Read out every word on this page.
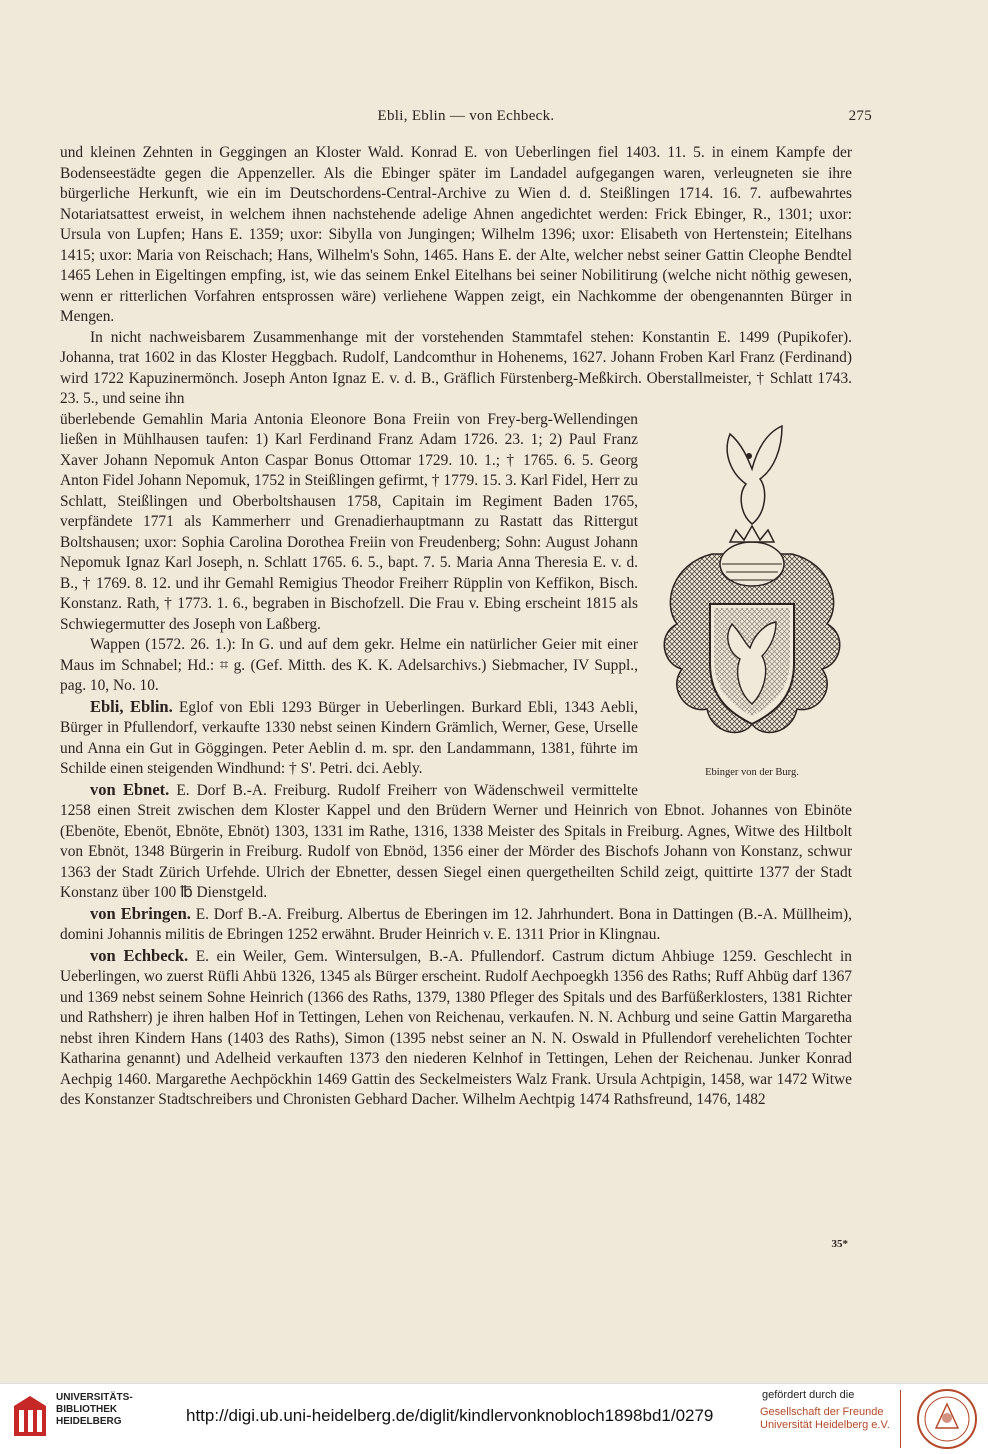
Ebli, Eblin — von Echbeck.	275

und kleinen Zehnten in Geggingen an Kloster Wald. Konrad E. von Ueberlingen fiel 1403. 11. 5. in einem Kampfe der Bodenseestädte gegen die Appenzeller. Als die Ebinger später im Landadel aufgegangen waren, verleugneten sie ihre bürgerliche Herkunft, wie ein im Deutschordens-Central-Archive zu Wien d. d. Steißlingen 1714. 16. 7. aufbewahrtes Notariatsattest erweist, in welchem ihnen nachstehende adelige Ahnen angedichtet werden: Frick Ebinger, R., 1301; uxor: Ursula von Lupfen; Hans E. 1359; uxor: Sibylla von Jungingen; Wilhelm 1396; uxor: Elisabeth von Hertenstein; Eitelhans 1415; uxor: Maria von Reischach; Hans, Wilhelm's Sohn, 1465. Hans E. der Alte, welcher nebst seiner Gattin Cleophe Bendtel 1465 Lehen in Eigeltingen empfing, ist, wie das seinem Enkel Eitelhans bei seiner Nobilitirung (welche nicht nöthig gewesen, wenn er ritterlichen Vorfahren entsprossen wäre) verliehene Wappen zeigt, ein Nachkomme der obengenannten Bürger in Mengen.

In nicht nachweisbarem Zusammenhange mit der vorstehenden Stammtafel stehen: Konstantin E. 1499 (Pupikofer). Johanna, trat 1602 in das Kloster Heggbach. Rudolf, Landcomthur in Hohenems, 1627. Johann Froben Karl Franz (Ferdinand) wird 1722 Kapuzinermönch. Joseph Anton Ignaz E. v. d. B., Gräflich Fürstenberg-Meßkirch. Oberstallmeister, † Schlatt 1743. 23. 5., und seine ihn

Ebinger von der Burg.

überlebende Gemahlin Maria Antonia Eleonore Bona Freiin von Frey-berg-Wellendingen ließen in Mühlhausen taufen: 1) Karl Ferdinand Franz Adam 1726. 23. 1; 2) Paul Franz Xaver Johann Nepomuk Anton Caspar Bonus Ottomar 1729. 10. 1.; † 1765. 6. 5. Georg Anton Fidel Johann Nepomuk, 1752 in Steißlingen gefirmt, † 1779. 15. 3. Karl Fidel, Herr zu Schlatt, Steißlingen und Oberboltshausen 1758, Capitain im Regiment Baden 1765, verpfändete 1771 als Kammerherr und Grenadierhauptmann zu Rastatt das Rittergut Boltshausen; uxor: Sophia Carolina Dorothea Freiin von Freudenberg; Sohn: August Johann Nepomuk Ignaz Karl Joseph, n. Schlatt 1765. 6. 5., bapt. 7. 5. Maria Anna Theresia E. v. d. B., † 1769. 8. 12. und ihr Gemahl Remigius Theodor Freiherr Rüpplin von Keffikon, Bisch. Konstanz. Rath, † 1773. 1. 6., begraben in Bischofzell. Die Frau v. Ebing erscheint 1815 als Schwiegermutter des Joseph von Laßberg.

Wappen (1572. 26. 1.): In G. und auf dem gekr. Helme ein natürlicher Geier mit einer Maus im Schnabel; Hd.: ⌗ g. (Gef. Mitth. des K. K. Adelsarchivs.) Siebmacher, IV Suppl., pag. 10, No. 10.

Ebli, Eblin. Eglof von Ebli 1293 Bürger in Ueberlingen. Burkard Ebli, 1343 Aebli, Bürger in Pfullendorf, verkaufte 1330 nebst seinen Kindern Grämlich, Werner, Gese, Urselle und Anna ein Gut in Göggingen. Peter Aeblin d. m. spr. den Landammann, 1381, führte im Schilde einen steigenden Windhund: † S'. Petri. dci. Aebly.

von Ebnet. E. Dorf B.-A. Freiburg. Rudolf Freiherr von Wädenschweil vermittelte 1258 einen Streit zwischen dem Kloster Kappel und den Brüdern Werner und Heinrich von Ebnot. Johannes von Ebinöte (Ebenöte, Ebenöt, Ebnöte, Ebnöt) 1303, 1331 im Rathe, 1316, 1338 Meister des Spitals in Freiburg. Agnes, Witwe des Hiltbolt von Ebnöt, 1348 Bürgerin in Freiburg. Rudolf von Ebnöd, 1356 einer der Mörder des Bischofs Johann von Konstanz, schwur 1363 der Stadt Zürich Urfehde. Ulrich der Ebnetter, dessen Siegel einen quergetheilten Schild zeigt, quittirte 1377 der Stadt Konstanz über 100 ℔ Dienstgeld.

von Ebringen. E. Dorf B.-A. Freiburg. Albertus de Eberingen im 12. Jahrhundert. Bona in Dattingen (B.-A. Müllheim), domini Johannis militis de Ebringen 1252 erwähnt. Bruder Heinrich v. E. 1311 Prior in Klingnau.

von Echbeck. E. ein Weiler, Gem. Wintersulgen, B.-A. Pfullendorf. Castrum dictum Ahbiuge 1259. Geschlecht in Ueberlingen, wo zuerst Rüfli Ahbü 1326, 1345 als Bürger erscheint. Rudolf Aechpoegkh 1356 des Raths; Ruff Ahbüg darf 1367 und 1369 nebst seinem Sohne Heinrich (1366 des Raths, 1379, 1380 Pfleger des Spitals und des Barfüßerklosters, 1381 Richter und Rathsherr) je ihren halben Hof in Tettingen, Lehen von Reichenau, verkaufen. N. N. Achburg und seine Gattin Margaretha nebst ihren Kindern Hans (1403 des Raths), Simon (1395 nebst seiner an N. N. Oswald in Pfullendorf verehelichten Tochter Katharina genannt) und Adelheid verkauften 1373 den niederen Kelnhof in Tettingen, Lehen der Reichenau. Junker Konrad Aechpig 1460. Margarethe Aechpöckhin 1469 Gattin des Seckelmeisters Walz Frank. Ursula Achtpigin, 1458, war 1472 Witwe des Konstanzer Stadtschreibers und Chronisten Gebhard Dacher. Wilhelm Aechtpig 1474 Rathsfreund, 1476, 1482

35*
UNIVERSITÄTS-
BIBLIOTHEK
HEIDELBERG	http://digi.ub.uni-heidelberg.de/diglit/kindlervonknobloch1898bd1/0279
gefördert durch die
Gesellschaft der Freunde
Universität Heidelberg e.V.
